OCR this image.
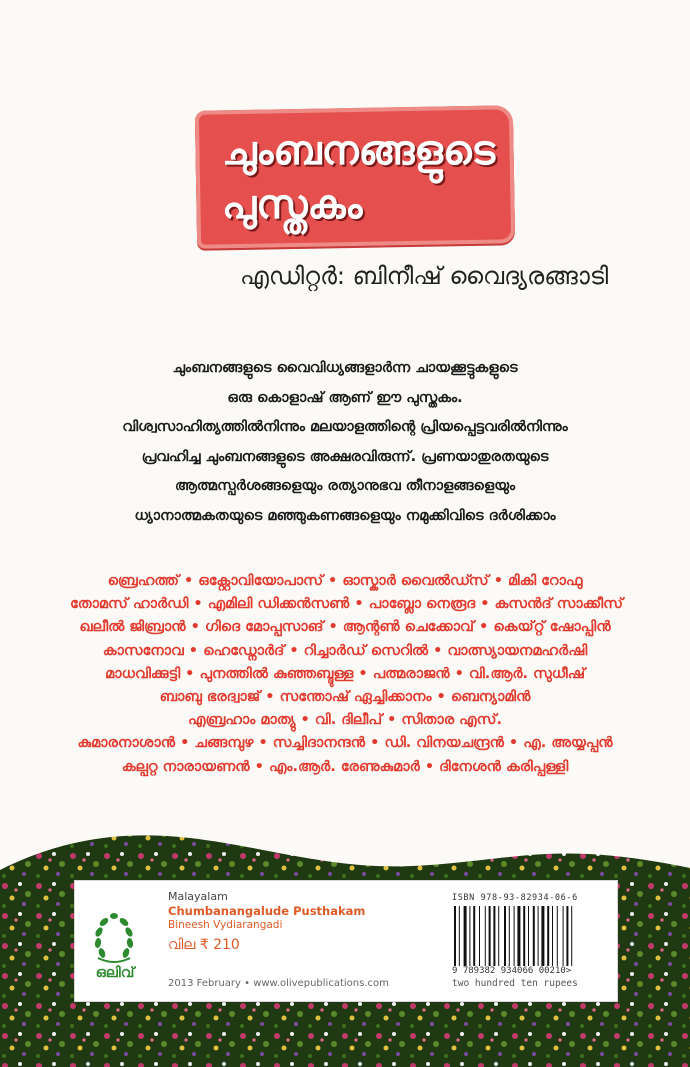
ചുംബനങ്ങളുടെ
പുസ്തകം
എഡിറ്റർ: ബിനീഷ് വൈദ്യരങ്ങാടി
ചുംബനങ്ങളുടെ വൈവിധ്യങ്ങളാർന്ന ചായക്കൂട്ടുകളുടെ
ഒരു കൊളാഷ് ആണ് ഈ പുസ്തകം.
വിശ്വസാഹിത്യത്തിൽനിന്നും മലയാളത്തിന്റെ പ്രിയപ്പെട്ടവരിൽനിന്നും
പ്രവഹിച്ച ചുംബനങ്ങളുടെ അക്ഷരവിരുന്ന്. പ്രണയാതുരതയുടെ
ആത്മസ്പർശങ്ങളെയും രത്യാനുഭവ തീനാളങ്ങളെയും
ധ്യാനാത്മകതയുടെ മഞ്ഞുകണങ്ങളെയും നമുക്കിവിടെ ദർശിക്കാം
ബ്രെഹത്ത് • ഒക്റ്റോവിയോപാസ് • ഓസ്കാർ വൈൽഡ്സ് • മികി റോഫു
തോമസ് ഹാർഡി • എമിലി ഡിക്കൻസൺ • പാബ്ലോ നെരൂദ • കസൻദ് സാക്കീസ്
ഖലീൽ ജിബ്രാൻ • ഗിദെ മോപ്പസാങ് • ആന്റൺ ചെക്കോവ് • കെയ്റ്റ് ഷോപ്പിൻ
കാസനോവ • ഹെഡ്നോർദ് • റിച്ചാർഡ് സെറിൽ • വാത്സ്യായനമഹർഷി
മാധവിക്കുട്ടി • പുനത്തിൽ കുഞ്ഞബ്ദുള്ള • പത്മരാജൻ • വി.ആർ. സുധീഷ്
ബാബു ഭരദ്വാജ് • സന്തോഷ് ഏച്ചിക്കാനം • ബെന്യാമിൻ
എബ്രഹാം മാത്യു • വി. ദിലീപ് • സിതാര എസ്.
കുമാരനാശാൻ • ചങ്ങമ്പുഴ • സച്ചിദാനന്ദൻ • ഡി. വിനയചന്ദ്രൻ • എ. അയ്യപ്പൻ
കല്പറ്റ നാരായണൻ • എം.ആർ. രേണുകുമാർ • ദിനേശൻ കരിപ്പള്ളി
ഒലിവ്
Malayalam
Chumbanangalude Pusthakam
Bineesh Vydiarangadi
വില ₹ 210
2013 February • www.olivepublications.com
ISBN 978-93-82934-06-6
9 789382 934066 00210>
two hundred ten rupees
